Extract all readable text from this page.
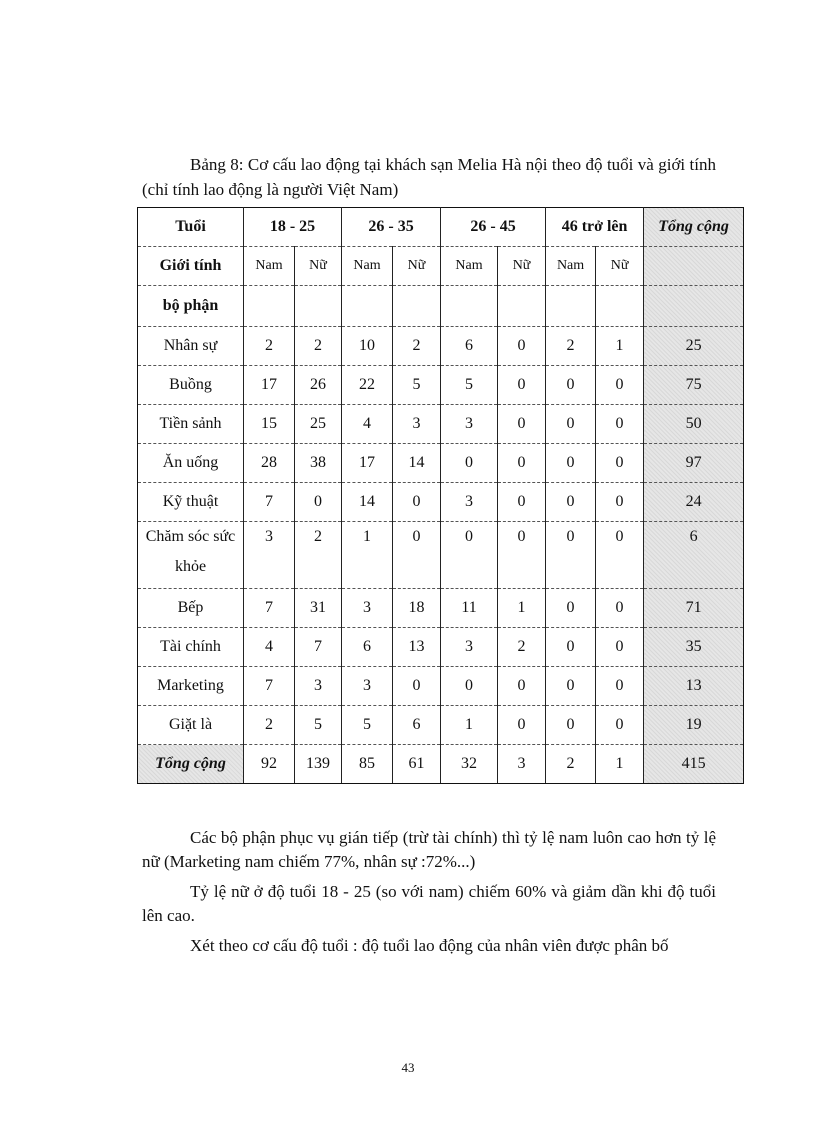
Bảng 8: Cơ cấu lao động tại khách sạn Melia Hà nội theo độ tuổi và giới tính (chỉ tính lao động là người Việt Nam)
Tuổi	18 - 25		26 - 35		26 - 45		46 trở lên		Tổng cộng
Giới tính	Nam	Nữ	Nam	Nữ	Nam	Nữ	Nam	Nữ	
bộ phận									
Nhân sự	2	2	10	2	6	0	2	1	25
Buồng	17	26	22	5	5	0	0	0	75
Tiền sảnh	15	25	4	3	3	0	0	0	50
Ăn uống	28	38	17	14	0	0	0	0	97
Kỹ thuật	7	0	14	0	3	0	0	0	24
Chăm sóc sức khỏe	3	2	1	0	0	0	0	0	6
Bếp	7	31	3	18	11	1	0	0	71
Tài chính	4	7	6	13	3	2	0	0	35
Marketing	7	3	3	0	0	0	0	0	13
Giặt là	2	5	5	6	1	0	0	0	19
Tổng cộng	92	139	85	61	32	3	2	1	415
Các bộ phận phục vụ gián tiếp (trừ tài chính) thì tỷ lệ nam luôn cao hơn tỷ lệ nữ (Marketing nam chiếm 77%, nhân sự :72%...)
Tỷ lệ nữ ở độ tuổi 18 - 25 (so với nam) chiếm 60% và giảm dần khi độ tuổi lên cao.
Xét theo cơ cấu độ tuổi : độ tuổi lao động của nhân viên được phân bố
43
